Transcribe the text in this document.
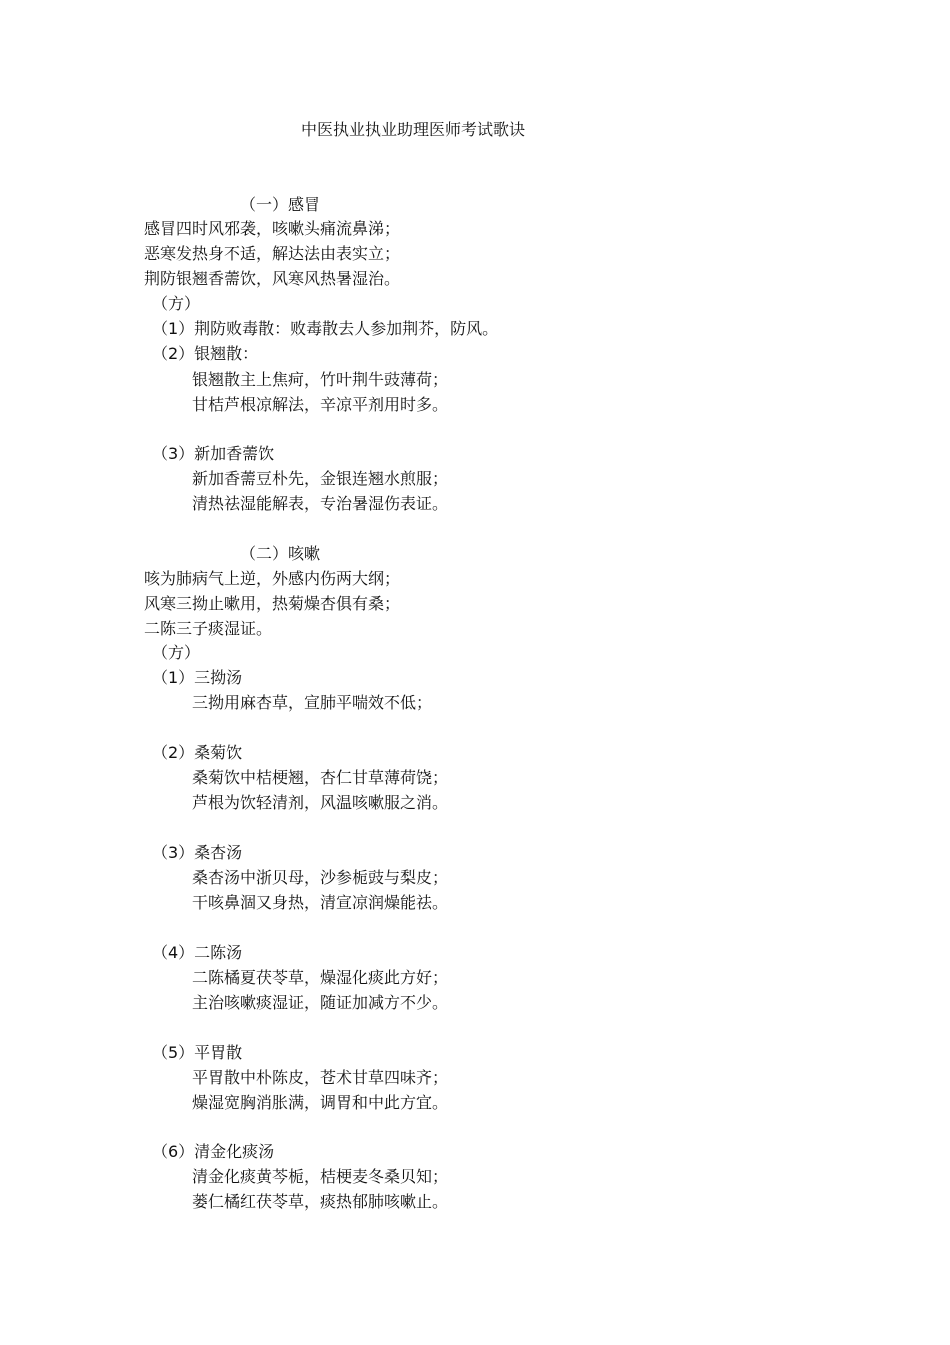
中医执业执业助理医师考试歌诀
（一）感冒
感冒四时风邪袭，咳嗽头痛流鼻涕；
恶寒发热身不适，解达法由表实立；
荆防银翘香薷饮，风寒风热暑湿治。
（方）
（1）荆防败毒散：败毒散去人参加荆芥，防风。
（2）银翘散：
银翘散主上焦疴，竹叶荆牛豉薄荷；
甘桔芦根凉解法，辛凉平剂用时多。
（3）新加香薷饮
新加香薷豆朴先，金银连翘水煎服；
清热祛湿能解表，专治暑湿伤表证。
（二）咳嗽
咳为肺病气上逆，外感内伤两大纲；
风寒三拗止嗽用，热菊燥杏俱有桑；
二陈三子痰湿证。
（方）
（1）三拗汤
三拗用麻杏草，宣肺平喘效不低；
（2）桑菊饮
桑菊饮中桔梗翘，杏仁甘草薄荷饶；
芦根为饮轻清剂，风温咳嗽服之消。
（3）桑杏汤
桑杏汤中浙贝母，沙参栀豉与梨皮；
干咳鼻涸又身热，清宣凉润燥能祛。
（4）二陈汤
二陈橘夏茯苓草，燥湿化痰此方好；
主治咳嗽痰湿证，随证加减方不少。
（5）平胃散
平胃散中朴陈皮，苍术甘草四味齐；
燥湿宽胸消胀满，调胃和中此方宜。
（6）清金化痰汤
清金化痰黄芩栀，桔梗麦冬桑贝知；
蒌仁橘红茯苓草，痰热郁肺咳嗽止。
